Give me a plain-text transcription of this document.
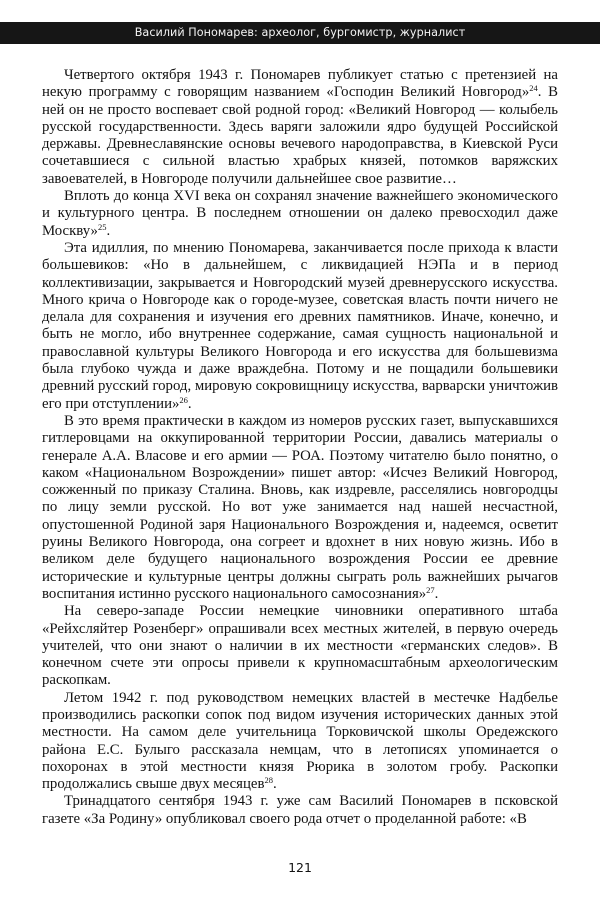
Василий Пономарев: археолог, бургомистр, журналист

Четвертого октября 1943 г. Пономарев публикует статью с претензией на некую программу с говорящим названием «Господин Великий Новгород»$^{24}$. В ней он не просто воспевает свой родной город: «Великий Новгород — колыбель русской государственности. Здесь варяги заложили ядро будущей Российской державы. Древнеславянские основы вечевого народоправства, в Киевской Руси сочетавшиеся с сильной властью храбрых князей, потомков варяжских завоевателей, в Новгороде получили дальнейшее свое развитие…

Вплоть до конца XVI века он сохранял значение важнейшего экономического и культурного центра. В последнем отношении он далеко превосходил даже Москву»$^{25}$.

Эта идиллия, по мнению Пономарева, заканчивается после прихода к власти большевиков: «Но в дальнейшем, с ликвидацией НЭПа и в период коллективизации, закрывается и Новгородский музей древнерусского искусства. Много крича о Новгороде как о городе-музее, советская власть почти ничего не делала для сохранения и изучения его древних памятников. Иначе, конечно, и быть не могло, ибо внутреннее содержание, самая сущность национальной и православной культуры Великого Новгорода и его искусства для большевизма была глубоко чужда и даже враждебна. Потому и не пощадили большевики древний русский город, мировую сокровищницу искусства, варварски уничтожив его при отступлении»$^{26}$.

В это время практически в каждом из номеров русских газет, выпускавшихся гитлеровцами на оккупированной территории России, давались материалы о генерале А.А. Власове и его армии — РОА. Поэтому читателю было понятно, о каком «Национальном Возрождении» пишет автор: «Исчез Великий Новгород, сожженный по приказу Сталина. Вновь, как издревле, расселялись новгородцы по лицу земли русской. Но вот уже занимается над нашей несчастной, опустошенной Родиной заря Национального Возрождения и, надеемся, осветит руины Великого Новгорода, она согреет и вдохнет в них новую жизнь. Ибо в великом деле будущего национального возрождения России ее древние исторические и культурные центры должны сыграть роль важнейших рычагов воспитания истинно русского национального самосознания»$^{27}$.

На северо-западе России немецкие чиновники оперативного штаба «Рейхсляйтер Розенберг» опрашивали всех местных жителей, в первую очередь учителей, что они знают о наличии в их местности «германских следов». В конечном счете эти опросы привели к крупномасштабным археологическим раскопкам.

Летом 1942 г. под руководством немецких властей в местечке Надбелье производились раскопки сопок под видом изучения исторических данных этой местности. На самом деле учительница Торковичской школы Оредежского района Е.С. Булыго рассказала немцам, что в летописях упоминается о похоронах в этой местности князя Рюрика в золотом гробу. Раскопки продолжались свыше двух месяцев$^{28}$.

Тринадцатого сентября 1943 г. уже сам Василий Пономарев в псковской газете «За Родину» опубликовал своего рода отчет о проделанной работе: «В

121
